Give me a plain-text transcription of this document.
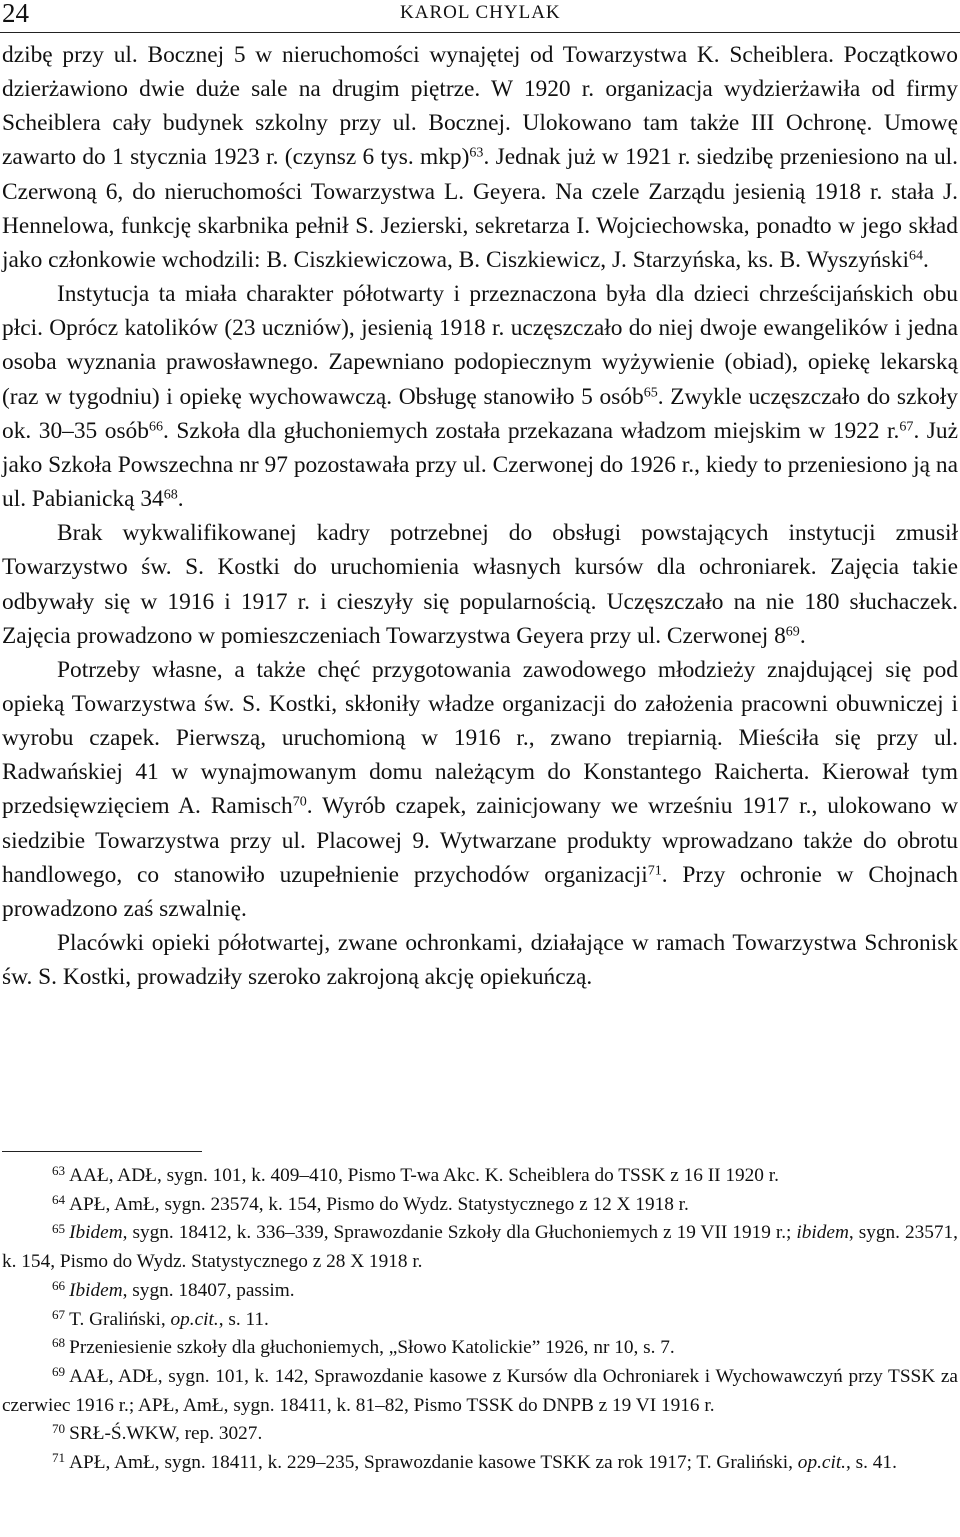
24	KAROL CHYLAK

dzibę przy ul. Bocznej 5 w nieruchomości wynajętej od Towarzystwa K. Scheiblera. Początkowo dzierżawiono dwie duże sale na drugim piętrze. W 1920 r. organizacja wydzierżawiła od firmy Scheiblera cały budynek szkolny przy ul. Bocznej. Ulokowano tam także III Ochronę. Umowę zawarto do 1 stycznia 1923 r. (czynsz 6 tys. mkp)$^{63}$. Jednak już w 1921 r. siedzibę przeniesiono na ul. Czerwoną 6, do nieruchomości Towarzystwa L. Geyera. Na czele Zarządu jesienią 1918 r. stała J. Hennelowa, funkcję skarbnika pełnił S. Jezierski, sekretarza I. Wojciechowska, ponadto w jego skład jako członkowie wchodzili: B. Ciszkiewiczowa, B. Ciszkiewicz, J. Starzyńska, ks. B. Wyszyński$^{64}$.

Instytucja ta miała charakter półotwarty i przeznaczona była dla dzieci chrześcijańskich obu płci. Oprócz katolików (23 uczniów), jesienią 1918 r. uczęszczało do niej dwoje ewangelików i jedna osoba wyznania prawosławnego. Zapewniano podopiecznym wyżywienie (obiad), opiekę lekarską (raz w tygodniu) i opiekę wychowawczą. Obsługę stanowiło 5 osób$^{65}$. Zwykle uczęszczało do szkoły ok. 30–35 osób$^{66}$. Szkoła dla głuchoniemych została przekazana władzom miejskim w 1922 r.$^{67}$. Już jako Szkoła Powszechna nr 97 pozostawała przy ul. Czerwonej do 1926 r., kiedy to przeniesiono ją na ul. Pabianicką $34^{68}$.

Brak wykwalifikowanej kadry potrzebnej do obsługi powstających instytucji zmusił Towarzystwo św. S. Kostki do uruchomienia własnych kursów dla ochroniarek. Zajęcia takie odbywały się w 1916 i 1917 r. i cieszyły się popularnością. Uczęszczało na nie 180 słuchaczek. Zajęcia prowadzono w pomieszczeniach Towarzystwa Geyera przy ul. Czerwonej $8^{69}$.

Potrzeby własne, a także chęć przygotowania zawodowego młodzieży znajdującej się pod opieką Towarzystwa św. S. Kostki, skłoniły władze organizacji do założenia pracowni obuwniczej i wyrobu czapek. Pierwszą, uruchomioną w 1916 r., zwano trepiarnią. Mieściła się przy ul. Radwańskiej 41 w wynajmowanym domu należącym do Konstantego Raicherta. Kierował tym przedsięwzięciem A. Ramisch$^{70}$. Wyrób czapek, zainicjowany we wrześniu 1917 r., ulokowano w siedzibie Towarzystwa przy ul. Placowej 9. Wytwarzane produkty wprowadzano także do obrotu handlowego, co stanowiło uzupełnienie przychodów organizacji$^{71}$. Przy ochronie w Chojnach prowadzono zaś szwalnię.

Placówki opieki półotwartej, zwane ochronkami, działające w ramach Towarzystwa Schronisk św. S. Kostki, prowadziły szeroko zakrojoną akcję opiekuńczą.

$^{63}$ AAŁ, ADŁ, sygn. 101, k. 409–410, Pismo T-wa Akc. K. Scheiblera do TSSK z 16 II 1920 r.

$^{64}$ APŁ, AmŁ, sygn. 23574, k. 154, Pismo do Wydz. Statystycznego z 12 X 1918 r.

$^{65}$ Ibidem, sygn. 18412, k. 336–339, Sprawozdanie Szkoły dla Głuchoniemych z 19 VII 1919 r.; ibidem, sygn. 23571, k. 154, Pismo do Wydz. Statystycznego z 28 X 1918 r.

$^{66}$ Ibidem, sygn. 18407, passim.

$^{67}$ T. Graliński, op.cit., s. 11.

$^{68}$ Przeniesienie szkoły dla głuchoniemych, „Słowo Katolickie” 1926, nr 10, s. 7.

$^{69}$ AAŁ, ADŁ, sygn. 101, k. 142, Sprawozdanie kasowe z Kursów dla Ochroniarek i Wychowawczyń przy TSSK za czerwiec 1916 r.; APŁ, AmŁ, sygn. 18411, k. 81–82, Pismo TSSK do DNPB z 19 VI 1916 r.

$^{70}$ SRŁ-Ś.WKW, rep. 3027.

$^{71}$ APŁ, AmŁ, sygn. 18411, k. 229–235, Sprawozdanie kasowe TSKK za rok 1917; T. Graliński, op.cit., s. 41.
